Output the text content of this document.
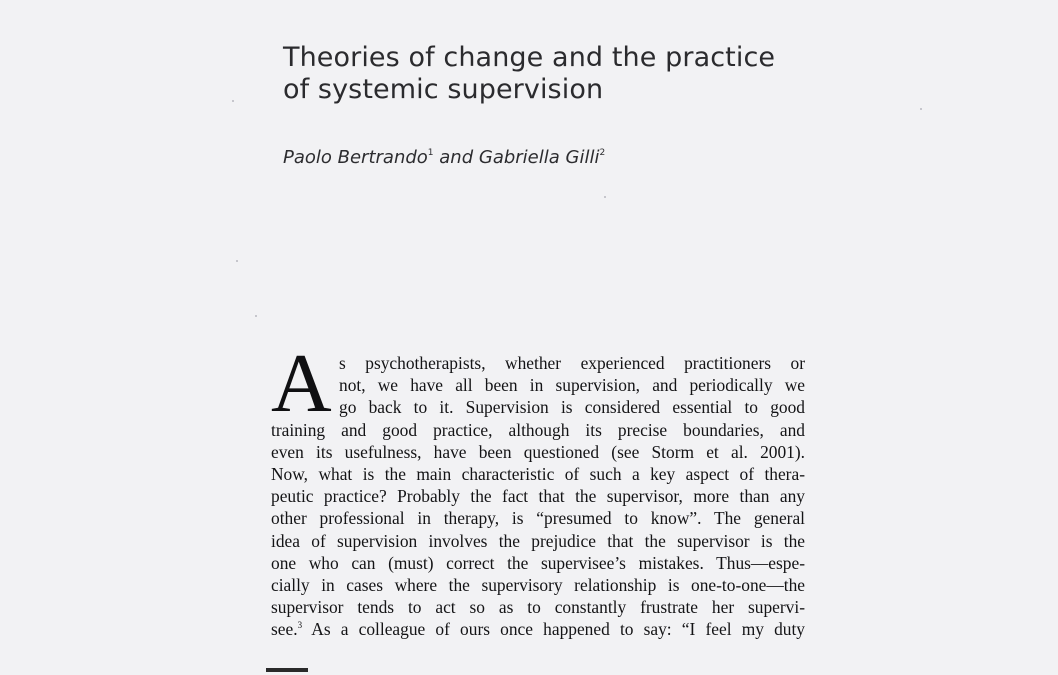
Theories of change and the practice
of systemic supervision
Paolo Bertrando$^1$ and Gabriella Gilli$^2$
A s psychotherapists, whether experienced practitioners or
not, we have all been in supervision, and periodically we
go back to it. Supervision is considered essential to good
training and good practice, although its precise boundaries, and
even its usefulness, have been questioned (see Storm et al. 2001).
Now, what is the main characteristic of such a key aspect of thera-
peutic practice? Probably the fact that the supervisor, more than any
other professional in therapy, is “presumed to know”. The general
idea of supervision involves the prejudice that the supervisor is the
one who can (must) correct the supervisee’s mistakes. Thus—espe-
cially in cases where the supervisory relationship is one-to-one—the
supervisor tends to act so as to constantly frustrate her supervi-
see.$^3$ As a colleague of ours once happened to say: “I feel my duty
